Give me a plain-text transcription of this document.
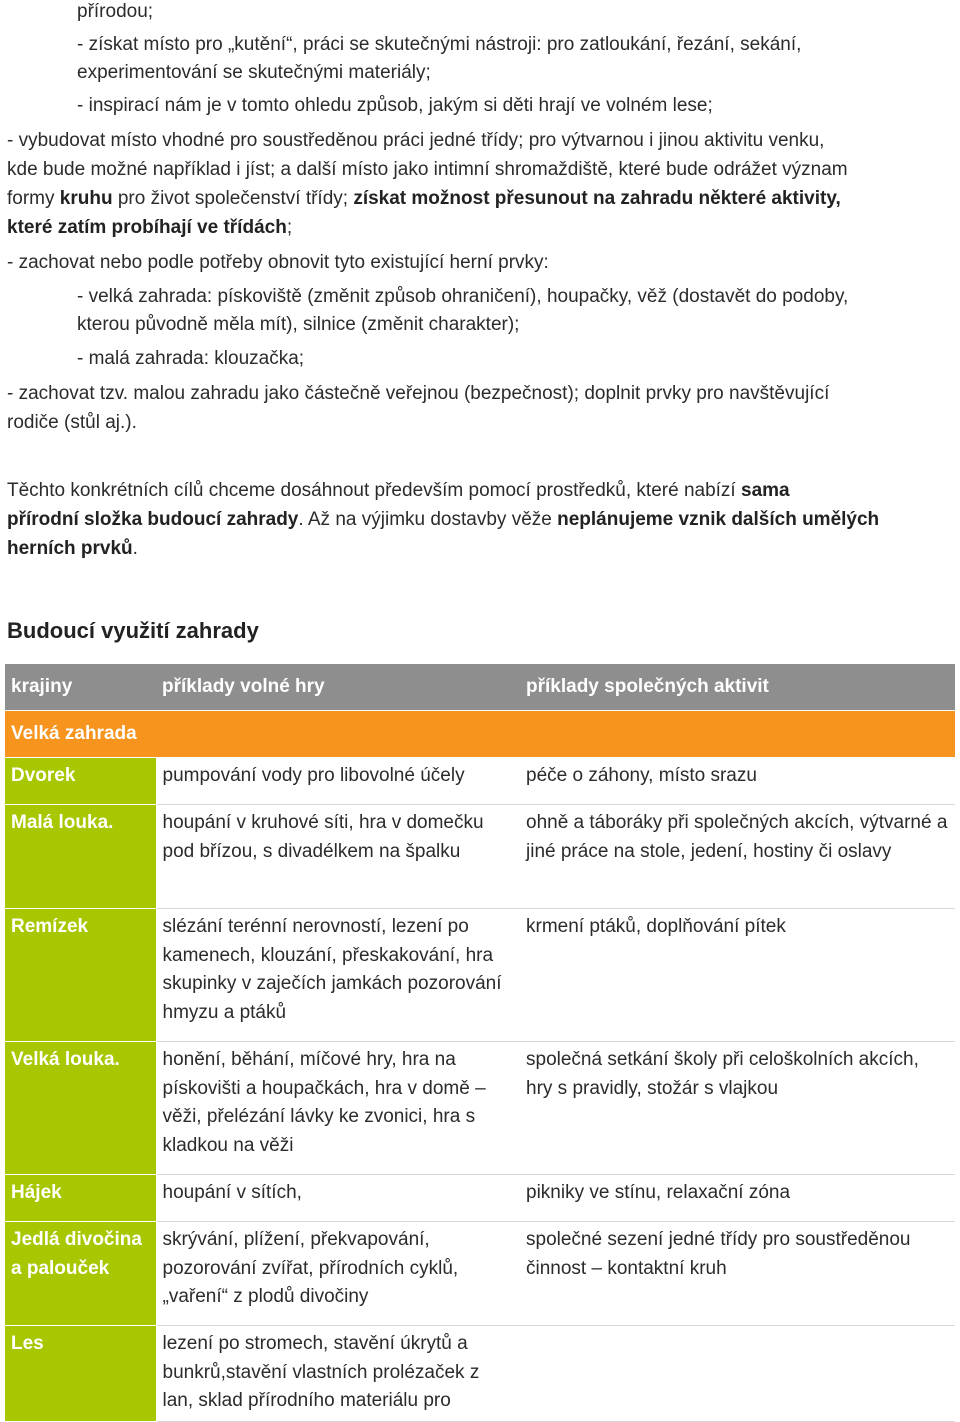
přírodou;
- získat místo pro „kutění“, práci se skutečnými nástroji: pro zatloukání, řezání, sekání,
experimentování se skutečnými materiály;
- inspirací nám je v tomto ohledu způsob, jakým si děti hrají ve volném lese;
- vybudovat místo vhodné pro soustředěnou práci jedné třídy; pro výtvarnou i jinou aktivitu venku,
kde bude možné například i jíst; a další místo jako intimní shromaždiště, které bude odrážet význam
formy kruhu pro život společenství třídy; získat možnost přesunout na zahradu některé aktivity,
které zatím probíhají ve třídách;
- zachovat nebo podle potřeby obnovit tyto existující herní prvky:
- velká zahrada: pískoviště (změnit způsob ohraničení), houpačky, věž (dostavět do podoby,
kterou původně měla mít), silnice (změnit charakter);
- malá zahrada: klouzačka;
- zachovat tzv. malou zahradu jako částečně veřejnou (bezpečnost); doplnit prvky pro navštěvující
rodiče (stůl aj.).
Těchto konkrétních cílů chceme dosáhnout především pomocí prostředků, které nabízí sama
přírodní složka budoucí zahrady. Až na výjimku dostavby věže neplánujeme vznik dalších umělých
herních prvků.
Budoucí využití zahrady
krajiny	příklady volné hry	příklady společných aktivit
Velká zahrada		
Dvorek	pumpování vody pro libovolné účely	péče o záhony, místo srazu
Malá louka.	houpání v kruhové síti, hra v domečku pod břízou, s divadélkem na špalku	ohně a táboráky při společných akcích, výtvarné a jiné práce na stole, jedení, hostiny či oslavy
Remízek	slézání terénní nerovností, lezení po kamenech, klouzání, přeskakování, hra skupinky v zaječích jamkách pozorování hmyzu a ptáků	krmení ptáků, doplňování pítek
Velká louka.	honění, běhání, míčové hry, hra na pískovišti a houpačkách, hra v domě – věži, přelézání lávky ke zvonici, hra s kladkou na věži	společná setkání školy při celoškolních akcích, hry s pravidly, stožár s vlajkou
Hájek	houpání v sítích,	pikniky ve stínu, relaxační zóna
Jedlá divočina a palouček	skrývání, plížení, překvapování, pozorování zvířat, přírodních cyklů, „vaření“ z plodů divočiny	společné sezení jedné třídy pro soustředěnou činnost – kontaktní kruh
Les	lezení po stromech, stavění úkrytů a bunkrů,stavění vlastních prolézaček z lan, sklad přírodního materiálu pro	
